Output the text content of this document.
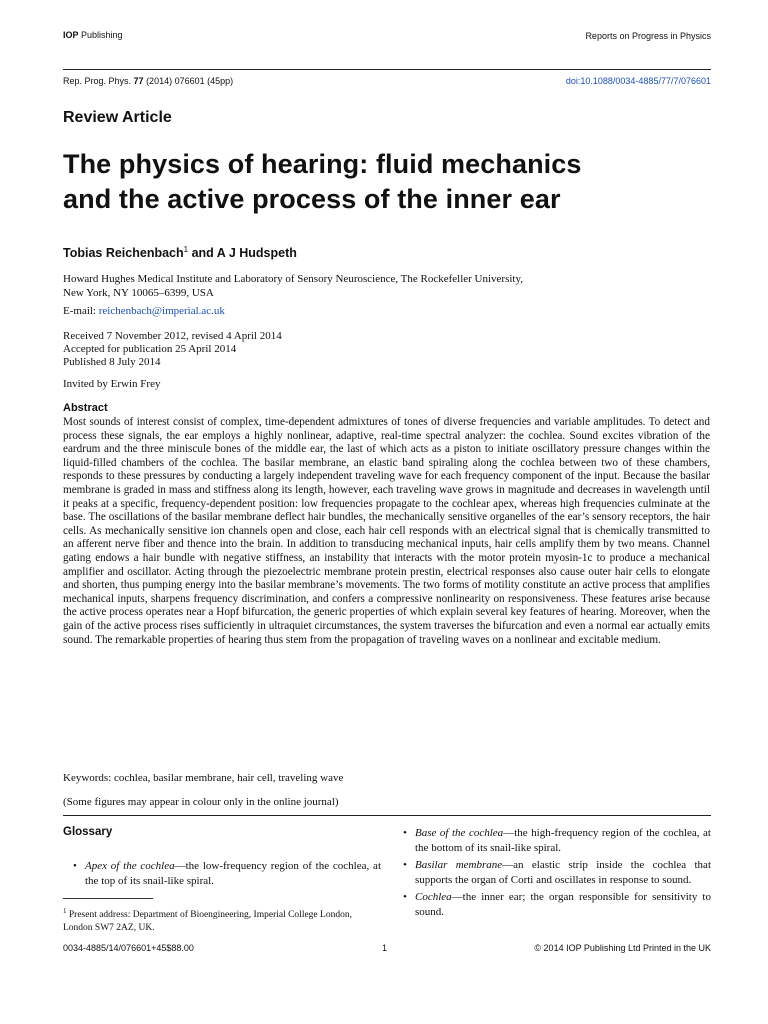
IOP Publishing	Reports on Progress in Physics
Rep. Prog. Phys. 77 (2014) 076601 (45pp)	doi:10.1088/0034-4885/77/7/076601
Review Article
The physics of hearing: fluid mechanics
and the active process of the inner ear
Tobias Reichenbach$^1$ and A J Hudspeth
Howard Hughes Medical Institute and Laboratory of Sensory Neuroscience, The Rockefeller University,
New York, NY 10065–6399, USA
E-mail: reichenbach@imperial.ac.uk
Received 7 November 2012, revised 4 April 2014
Accepted for publication 25 April 2014
Published 8 July 2014
Invited by Erwin Frey
Abstract
Most sounds of interest consist of complex, time-dependent admixtures of tones of diverse frequencies and variable amplitudes. To detect and process these signals, the ear employs a highly nonlinear, adaptive, real-time spectral analyzer: the cochlea. Sound excites vibration of the eardrum and the three miniscule bones of the middle ear, the last of which acts as a piston to initiate oscillatory pressure changes within the liquid-filled chambers of the cochlea. The basilar membrane, an elastic band spiraling along the cochlea between two of these chambers, responds to these pressures by conducting a largely independent traveling wave for each frequency component of the input. Because the basilar membrane is graded in mass and stiffness along its length, however, each traveling wave grows in magnitude and decreases in wavelength until it peaks at a specific, frequency-dependent position: low frequencies propagate to the cochlear apex, whereas high frequencies culminate at the base. The oscillations of the basilar membrane deflect hair bundles, the mechanically sensitive organelles of the ear’s sensory receptors, the hair cells. As mechanically sensitive ion channels open and close, each hair cell responds with an electrical signal that is chemically transmitted to an afferent nerve fiber and thence into the brain. In addition to transducing mechanical inputs, hair cells amplify them by two means. Channel gating endows a hair bundle with negative stiffness, an instability that interacts with the motor protein myosin-1c to produce a mechanical amplifier and oscillator. Acting through the piezoelectric membrane protein prestin, electrical responses also cause outer hair cells to elongate and shorten, thus pumping energy into the basilar membrane’s movements. The two forms of motility constitute an active process that amplifies mechanical inputs, sharpens frequency discrimination, and confers a compressive nonlinearity on responsiveness. These features arise because the active process operates near a Hopf bifurcation, the generic properties of which explain several key features of hearing. Moreover, when the gain of the active process rises sufficiently in ultraquiet circumstances, the system traverses the bifurcation and even a normal ear actually emits sound. The remarkable properties of hearing thus stem from the propagation of traveling waves on a nonlinear and excitable medium.
Keywords: cochlea, basilar membrane, hair cell, traveling wave
(Some figures may appear in colour only in the online journal)
Glossary
• Apex of the cochlea—the low-frequency region of the cochlea, at the top of its snail-like spiral.
$^1$ Present address: Department of Bioengineering, Imperial College London, London SW7 2AZ, UK.
• Base of the cochlea—the high-frequency region of the cochlea, at the bottom of its snail-like spiral.
• Basilar membrane—an elastic strip inside the cochlea that supports the organ of Corti and oscillates in response to sound.
• Cochlea—the inner ear; the organ responsible for sensitivity to sound.
0034-4885/14/076601+45$88.00	1	© 2014 IOP Publishing Ltd Printed in the UK
